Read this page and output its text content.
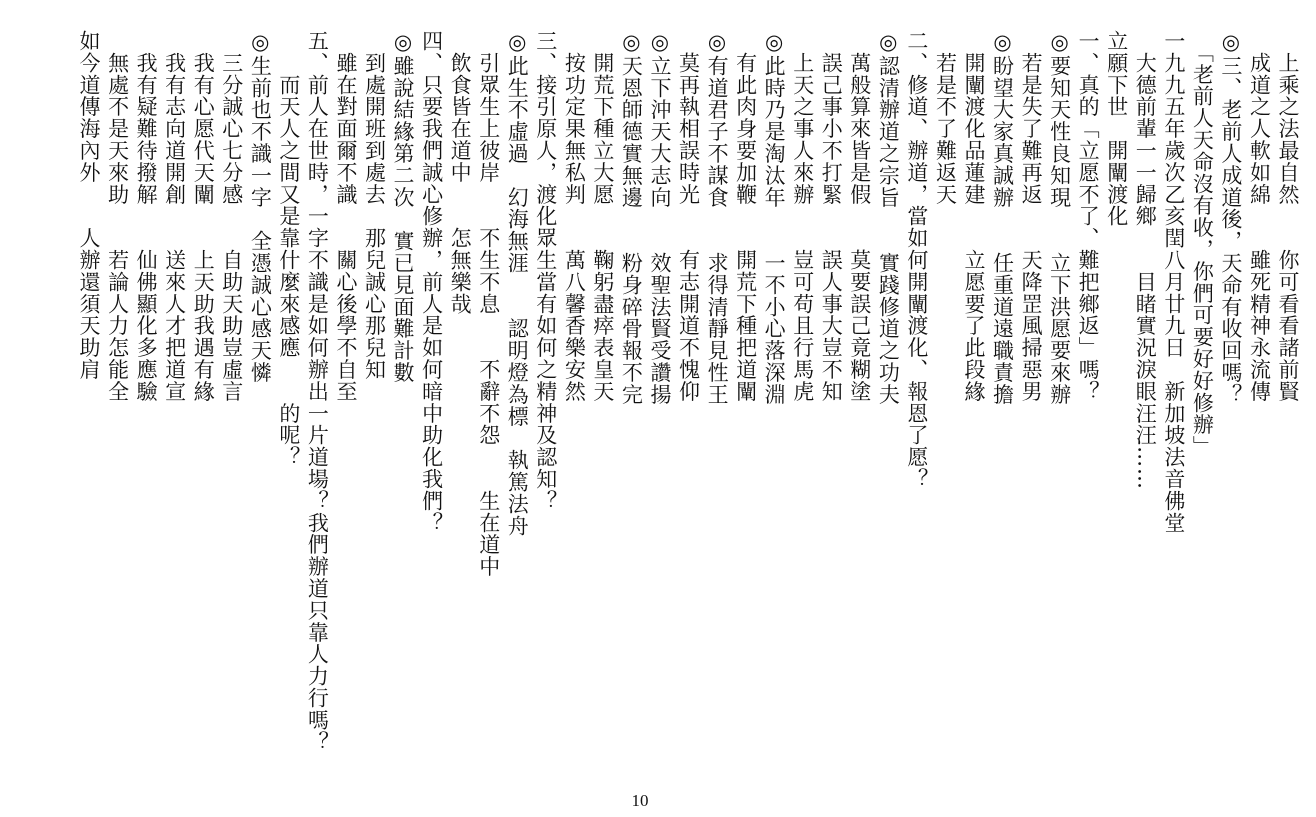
　上乘之法最自然　　你可看看諸前賢

　成道之人軟如綿　　雖死精神永流傳

◎三、老前人成道後，天命有收回嗎？

　「老前人天命沒有收，你們可要好好修辦」

一九九五年歲次乙亥閏八月廿九日　新加坡法音佛堂

　大德前輩一一歸鄉　　目睹實況淚眼汪汪……

立願下世　開闡渡化

一、真的「立愿不了、難把鄉返」嗎？

◎要知天性良知現　　立下洪愿要來辦

　若是失了難再返　　天降罡風掃惡男

◎盼望大家真誠辦　　任重道遠職責擔

　開闡渡化品蓮建　　立愿要了此段緣

　若是不了難返天

二、修道、辦道，當如何開闡渡化、報恩了愿？

◎認清辦道之宗旨　　實踐修道之功夫

　萬般算來皆是假　　莫要誤己竟糊塗

　誤己事小不打緊　　誤人事大豈不知

　上天之事人來辦　　豈可苟且行馬虎

◎此時乃是淘汰年　　一不小心落深淵

　有此肉身要加鞭　　開荒下種把道闡

◎有道君子不謀食　　求得清靜見性王

　莫再執相誤時光　　有志開道不愧仰

◎立下沖天大志向　　效聖法賢受讚揚

◎天恩師德實無邊　　粉身碎骨報不完

　開荒下種立大愿　　鞠躬盡瘁表皇天

　按功定果無私判　　萬八馨香樂安然

三、接引原人，渡化眾生當有如何之精神及認知？

◎此生不虛過　幻海無涯　　認明燈為標　執篤法舟

　引眾生上彼岸　　不生不息　　不辭不怨　　生在道中

　飲食皆在道中　　怎無樂哉

四、只要我們誠心修辦，前人是如何暗中助化我們？

◎雖說結緣第二次　實已見面難計數

　到處開班到處去　那兒誠心那兒知

　雖在對面爾不識　　關心後學不自至

五、前人在世時，一字不識是如何辦出一片道場？我們辦道只靠人力行嗎？

　　而天人之間又是靠什麼來感應　　的呢？

◎生前也不識一字　全憑誠心感天憐

　三分誠心七分感　　自助天助豈虛言

　我有心愿代天闡　　上天助我遇有緣

　我有志向道開創　　送來人才把道宣

　我有疑難待撥解　　仙佛顯化多應驗

　無處不是天來助　　若論人力怎能全

如今道傳海內外　　人辦還須天助肩

10
